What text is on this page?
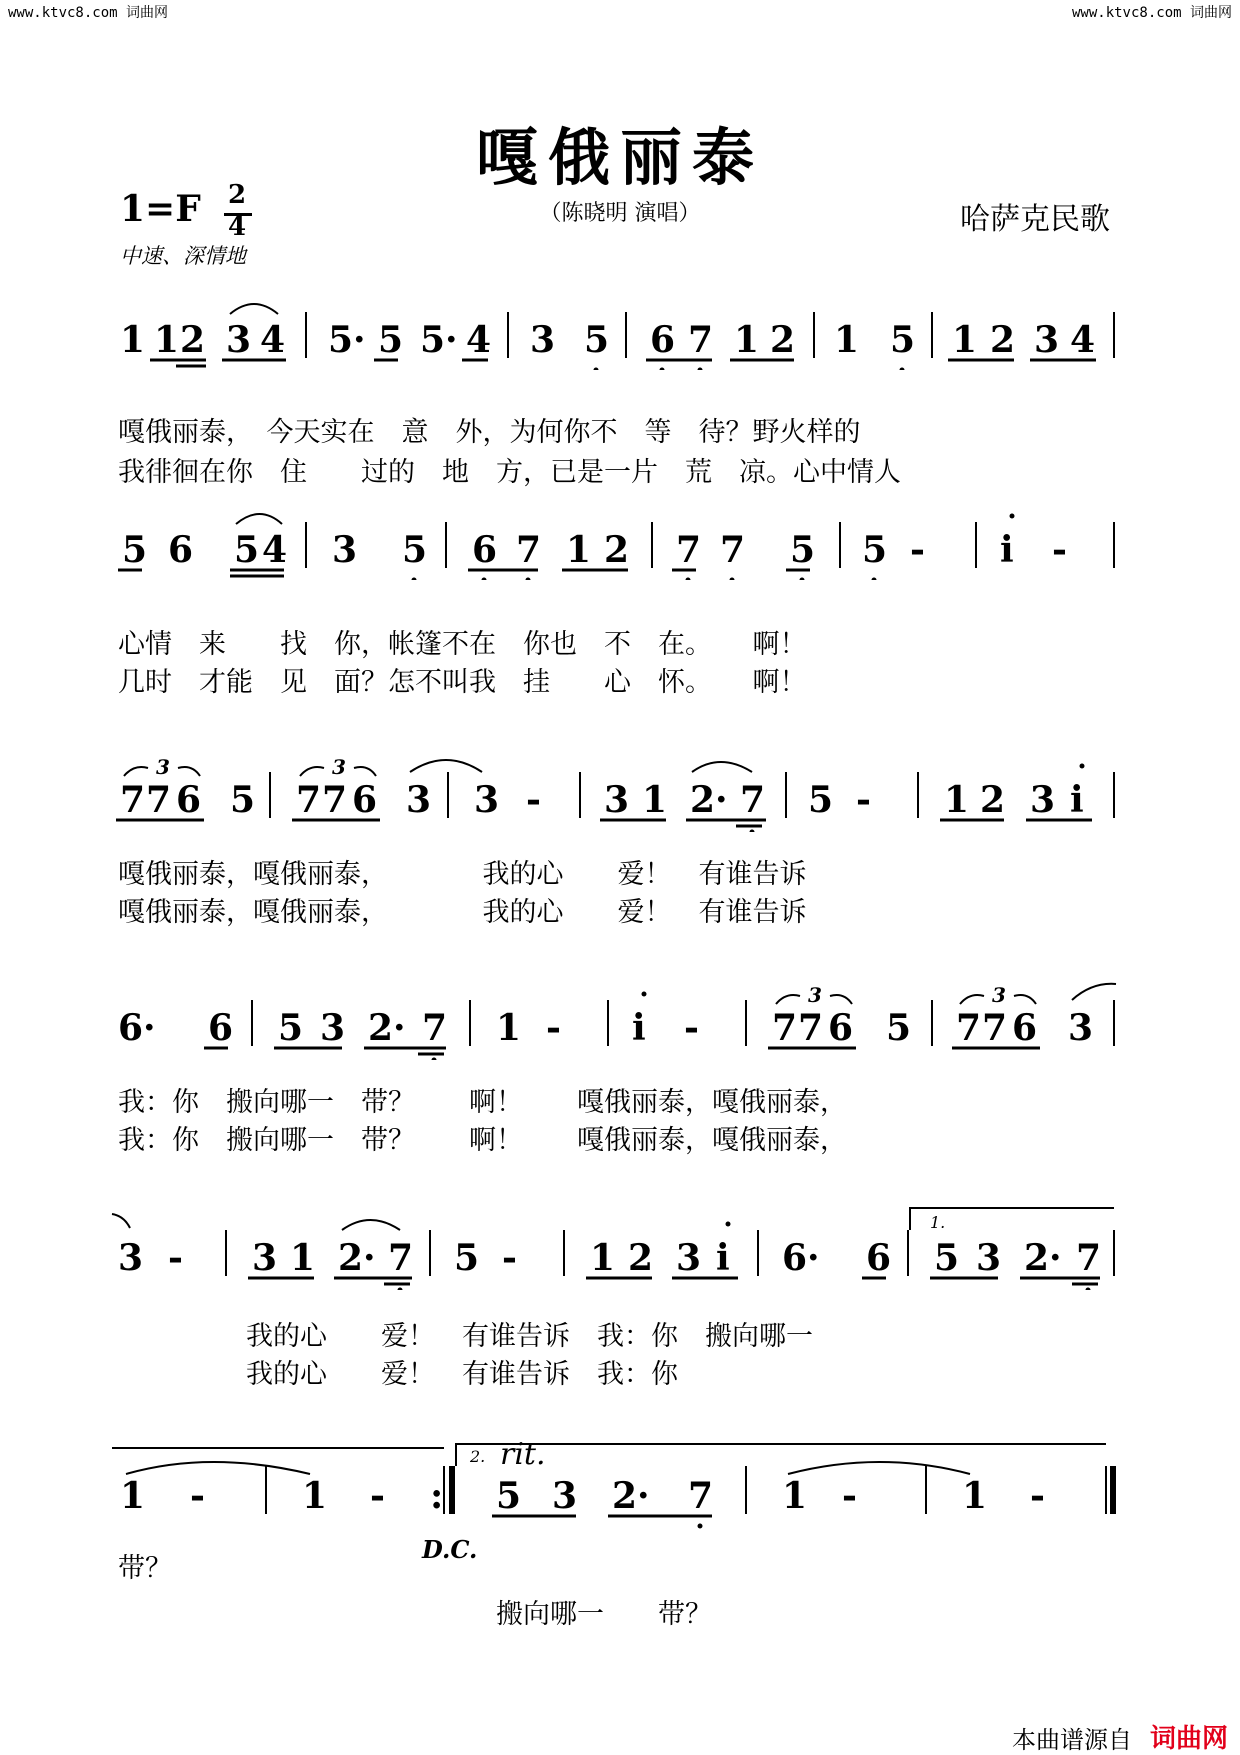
www.ktvc8.com 词曲网	www.ktvc8.com 词曲网
嘎俄丽泰
1=F 2
4
中速、深情地
（陈晓明 演唱）	哈萨克民歌
1 1 2 3 4 5· 5 5· 4 3 5 6 7 1 2 1 5 1 2 3 4
嘎俄丽泰，　今天实在　意　外，为何你不　等　待？野火样的
我徘徊在你　住　　过的　地　方，已是一片　荒　凉。心中情人
5 6 5 4 3 5 6 7 1 2 7 7 5 5 - i -
心情　来　　找　你，帐篷不在　你也　不　在。　　啊！
几时　才能　见　面？怎不叫我　挂　　心　怀。　　啊！
7 7 6 5 7 7 6 3 3 - 3 1 2· 7 5 - 1 2 3 i
3	3
嘎俄丽泰，嘎俄丽泰，　　　　我的心　　爱！　有谁告诉
嘎俄丽泰，嘎俄丽泰，　　　　我的心　　爱！　有谁告诉
6· 6 5 3 2· 7 1 - i - 7 7 6 5 7 7 6 3
3	3
我：你　搬向哪一　带？　　啊！　　嘎俄丽泰，嘎俄丽泰，
我：你　搬向哪一　带？　　啊！　　嘎俄丽泰，嘎俄丽泰，
3 - 3 1 2· 7 5 - 1 2 3 i 6· 6 5 3 2· 7
1.
我的心　　爱！　有谁告诉　我：你　搬向哪一
我的心　　爱！　有谁告诉　我：你
1 -	1 -	5 3 2· 7 1 -	1 -
:
2. rit.
D.C.
带？
搬向哪一　　带？
本曲谱源自 词曲网
